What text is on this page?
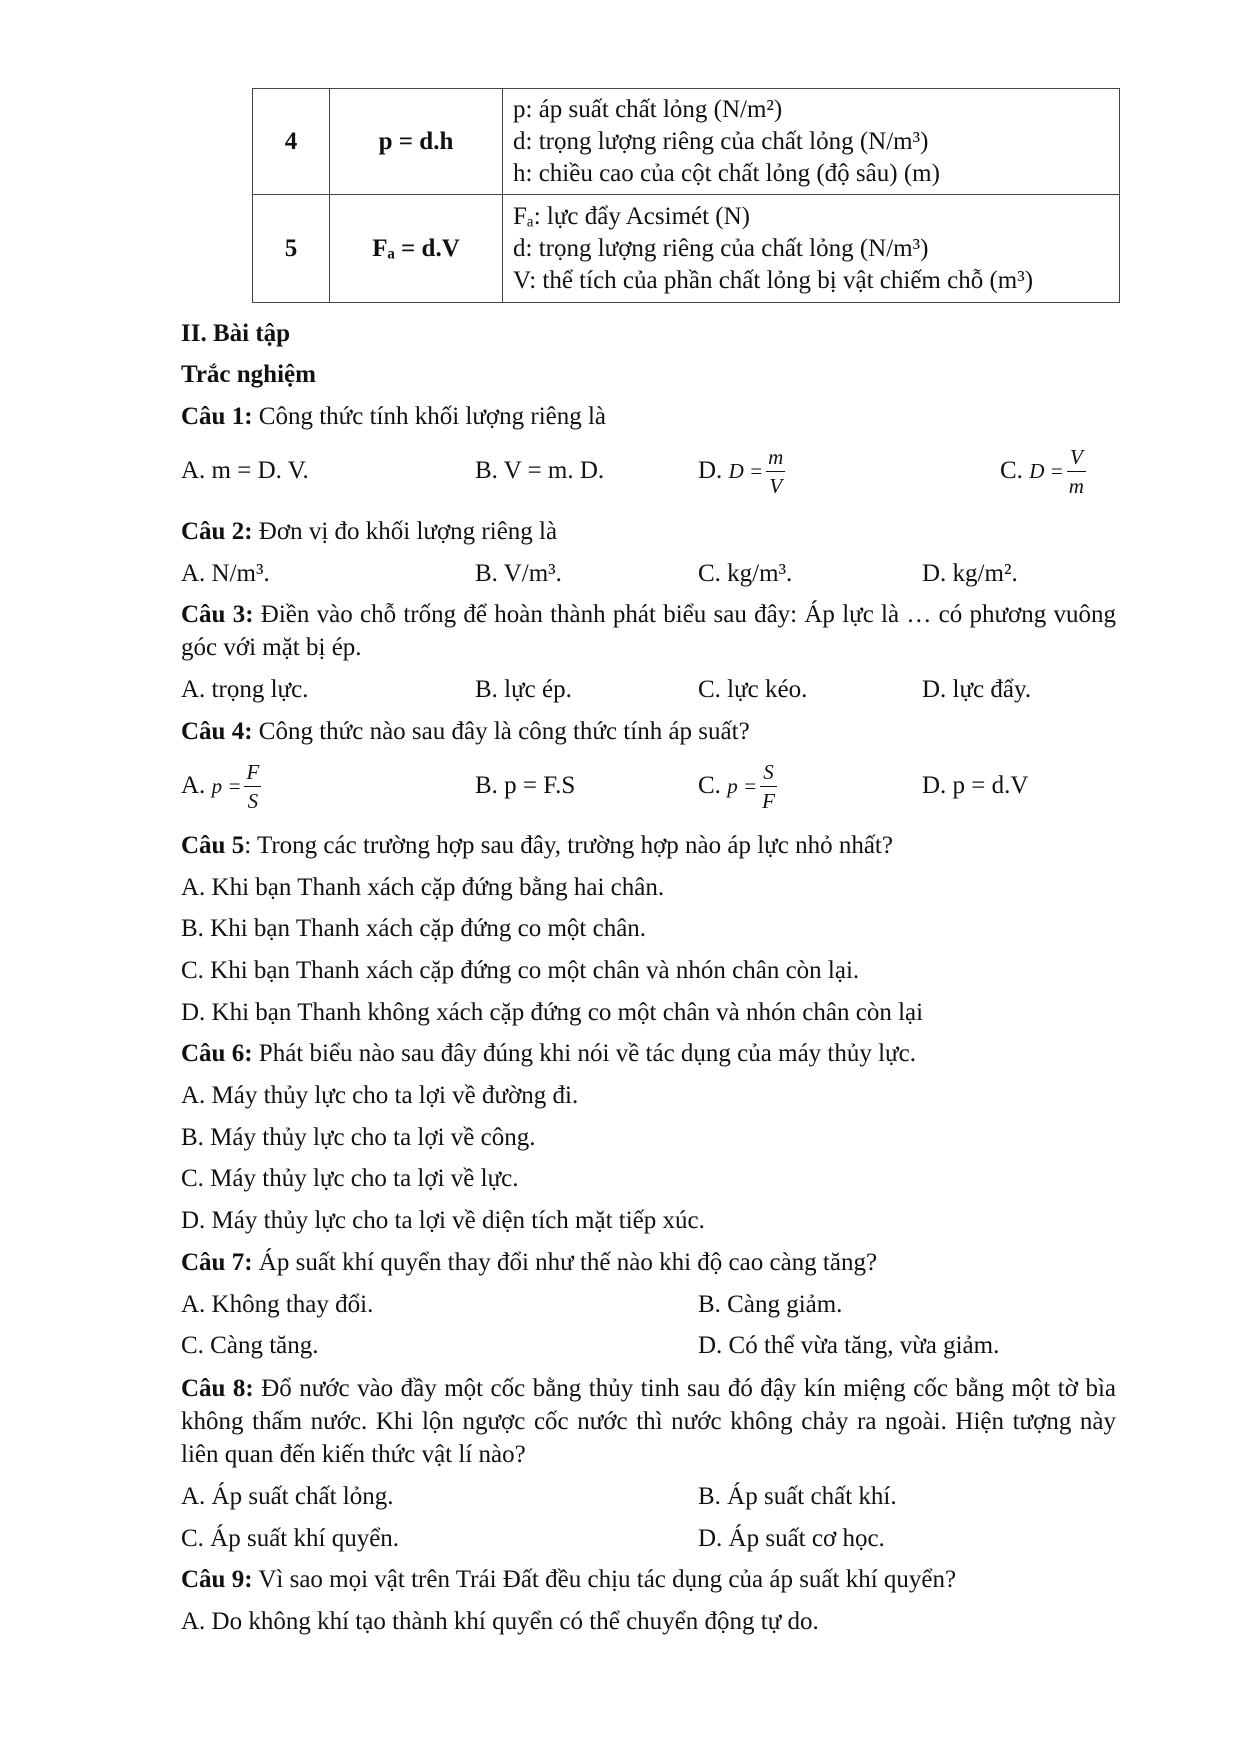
4	p = d.h	p: áp suất chất lỏng (N/m²)
d: trọng lượng riêng của chất lỏng (N/m³)
h: chiều cao của cột chất lỏng (độ sâu) (m)

5	Fₐ = d.V	Fₐ: lực đẩy Acsimét (N)
d: trọng lượng riêng của chất lỏng (N/m³)
V: thể tích của phần chất lỏng bị vật chiếm chỗ (m³)
II. Bài tập
Trắc nghiệm
Câu 1: Công thức tính khối lượng riêng là
A. m = D. V.	B. V = m. D.	D. $D = \frac{m}{V}$	C. $D = \frac{V}{m}$
Câu 2: Đơn vị đo khối lượng riêng là
A. N/m³.	B. V/m³.	C. kg/m³.	D. kg/m².
Câu 3: Điền vào chỗ trống để hoàn thành phát biểu sau đây: Áp lực là … có phương vuông góc với mặt bị ép.
A. trọng lực.	B. lực ép.	C. lực kéo.	D. lực đẩy.
Câu 4: Công thức nào sau đây là công thức tính áp suất?
A. $p = \frac{F}{S}$	B. p = F.S	C. $p = \frac{S}{F}$	D. p = d.V
Câu 5: Trong các trường hợp sau đây, trường hợp nào áp lực nhỏ nhất?
A. Khi bạn Thanh xách cặp đứng bằng hai chân.
B. Khi bạn Thanh xách cặp đứng co một chân.
C. Khi bạn Thanh xách cặp đứng co một chân và nhón chân còn lại.
D. Khi bạn Thanh không xách cặp đứng co một chân và nhón chân còn lại
Câu 6: Phát biểu nào sau đây đúng khi nói về tác dụng của máy thủy lực.
A. Máy thủy lực cho ta lợi về đường đi.
B. Máy thủy lực cho ta lợi về công.
C. Máy thủy lực cho ta lợi về lực.
D. Máy thủy lực cho ta lợi về diện tích mặt tiếp xúc.
Câu 7: Áp suất khí quyển thay đổi như thế nào khi độ cao càng tăng?
A. Không thay đổi.	B. Càng giảm.
C. Càng tăng.	D. Có thể vừa tăng, vừa giảm.
Câu 8: Đổ nước vào đầy một cốc bằng thủy tinh sau đó đậy kín miệng cốc bằng một tờ bìa không thấm nước. Khi lộn ngược cốc nước thì nước không chảy ra ngoài. Hiện tượng này liên quan đến kiến thức vật lí nào?
A. Áp suất chất lỏng.	B. Áp suất chất khí.
C. Áp suất khí quyển.	D. Áp suất cơ học.
Câu 9: Vì sao mọi vật trên Trái Đất đều chịu tác dụng của áp suất khí quyển?
A. Do không khí tạo thành khí quyển có thể chuyển động tự do.
